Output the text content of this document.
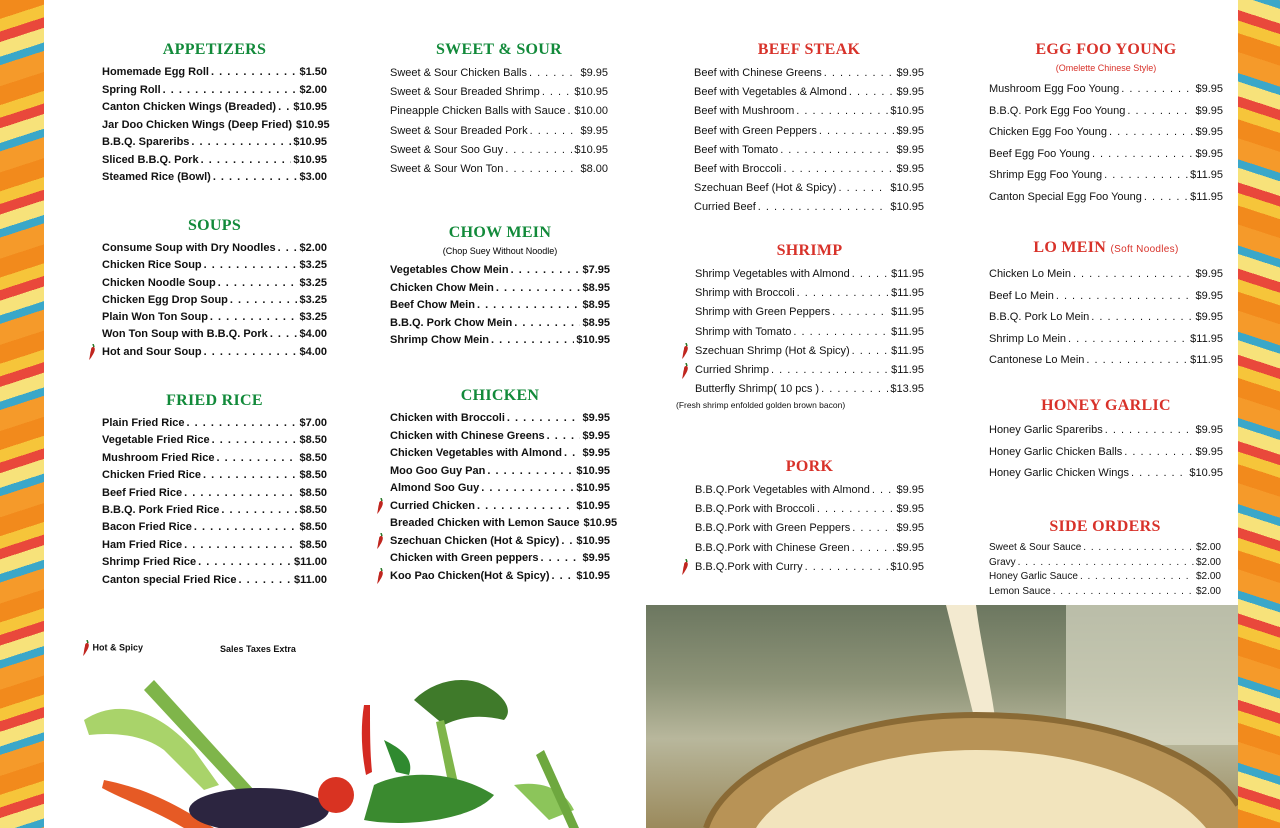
APPETIZERS
Homemade Egg Roll . . .	$1.50
Spring Roll . . .	$2.00
Canton Chicken Wings (Breaded) . . . $10.95
Jar Doo Chicken Wings (Deep Fried) $10.95
B.B.Q. Spareribs . . .	$10.95
Sliced B.B.Q. Pork . . .	$10.95
Steamed Rice (Bowl) . . .	$3.00
SOUPS
Consume Soup with Dry Noodles . . . $2.00
Chicken Rice Soup . . .	$3.25
Chicken Noodle Soup . . .	$3.25
Chicken Egg Drop Soup . . .	$3.25
Plain Won Ton Soup . . .	$3.25
Won Ton Soup with B.B.Q. Pork . . .	$4.00
Hot and Sour Soup . . .	$4.00
FRIED RICE
Plain Fried Rice . . .	$7.00
Vegetable Fried Rice . . .	$8.50
Mushroom Fried Rice . . .	$8.50
Chicken Fried Rice . . .	$8.50
Beef Fried Rice . . .	$8.50
B.B.Q. Pork Fried Rice . . .	$8.50
Bacon Fried Rice . . .	$8.50
Ham Fried Rice . . .	$8.50
Shrimp Fried Rice . . .	$11.00
Canton special Fried Rice . . .	$11.00
SWEET & SOUR
Sweet & Sour Chicken Balls . . .	$9.95
Sweet & Sour Breaded Shrimp . . .	$10.95
Pineapple Chicken Balls with Sauce . . . $10.00
Sweet & Sour Breaded Pork . . .	$9.95
Sweet & Sour Soo Guy . . .	$10.95
Sweet & Sour Won Ton . . .	$8.00
CHOW MEIN
(Chop Suey Without Noodle)
Vegetables Chow Mein . . .	$7.95
Chicken Chow Mein . . .	$8.95
Beef Chow Mein . . .	$8.95
B.B.Q. Pork Chow Mein . . .	$8.95
Shrimp Chow Mein . . .	$10.95
CHICKEN
Chicken with Broccoli . . .	$9.95
Chicken with Chinese Greens . . .	$9.95
Chicken Vegetables with Almond . . . $9.95
Moo Goo Guy Pan . . .	$10.95
Almond Soo Guy . . .	$10.95
Curried Chicken . . .	$10.95
Breaded Chicken with Lemon Sauce $10.95
Szechuan Chicken (Hot & Spicy) . . . $10.95
Chicken with Green peppers . . .	$9.95
Koo Pao Chicken(Hot & Spicy) . . . $10.95
BEEF STEAK
Beef with Chinese Greens . . .	$9.95
Beef with Vegetables & Almond . . .	$9.95
Beef with Mushroom . . .	$10.95
Beef with Green Peppers . . .	$9.95
Beef with Tomato . . .	$9.95
Beef with Broccoli . . .	$9.95
Szechuan Beef (Hot & Spicy) . . .	$10.95
Curried Beef . . .	$10.95
SHRIMP
Shrimp Vegetables with Almond . . .	$11.95
Shrimp with Broccoli . . .	$11.95
Shrimp with Green Peppers . . .	$11.95
Shrimp with Tomato . . .	$11.95
Szechuan Shrimp (Hot & Spicy) . . .	$11.95
Curried Shrimp . . .	$11.95
Butterfly Shrimp( 10 pcs ) . . .	$13.95
(Fresh shrimp enfolded golden brown bacon)
PORK
B.B.Q.Pork Vegetables with Almond . . . $9.95
B.B.Q.Pork with Broccoli . . .	$9.95
B.B.Q.Pork with Green Peppers . . .	$9.95
B.B.Q.Pork with Chinese Green . . .	$9.95
B.B.Q.Pork with Curry . . .	$10.95
EGG FOO YOUNG
(Omelette Chinese Style)
Mushroom Egg Foo Young . . .	$9.95
B.B.Q. Pork Egg Foo Young . . .	$9.95
Chicken Egg Foo Young . . .	$9.95
Beef Egg Foo Young . . .	$9.95
Shrimp Egg Foo Young . . .	$11.95
Canton Special Egg Foo Young . . .	$11.95
LO MEIN (Soft Noodles)
Chicken Lo Mein . . .	$9.95
Beef Lo Mein . . .	$9.95
B.B.Q. Pork Lo Mein . . .	$9.95
Shrimp Lo Mein . . .	$11.95
Cantonese Lo Mein . . .	$11.95
HONEY GARLIC
Honey Garlic Spareribs . . .	$9.95
Honey Garlic Chicken Balls . . .	$9.95
Honey Garlic Chicken Wings . . .	$10.95
SIDE ORDERS
Sweet & Sour Sauce . . .	$2.00
Gravy . . .	$2.00
Honey Garlic Sauce . . .	$2.00
Lemon Sauce . . .	$2.00
Hot & Spicy	Sales Taxes Extra
